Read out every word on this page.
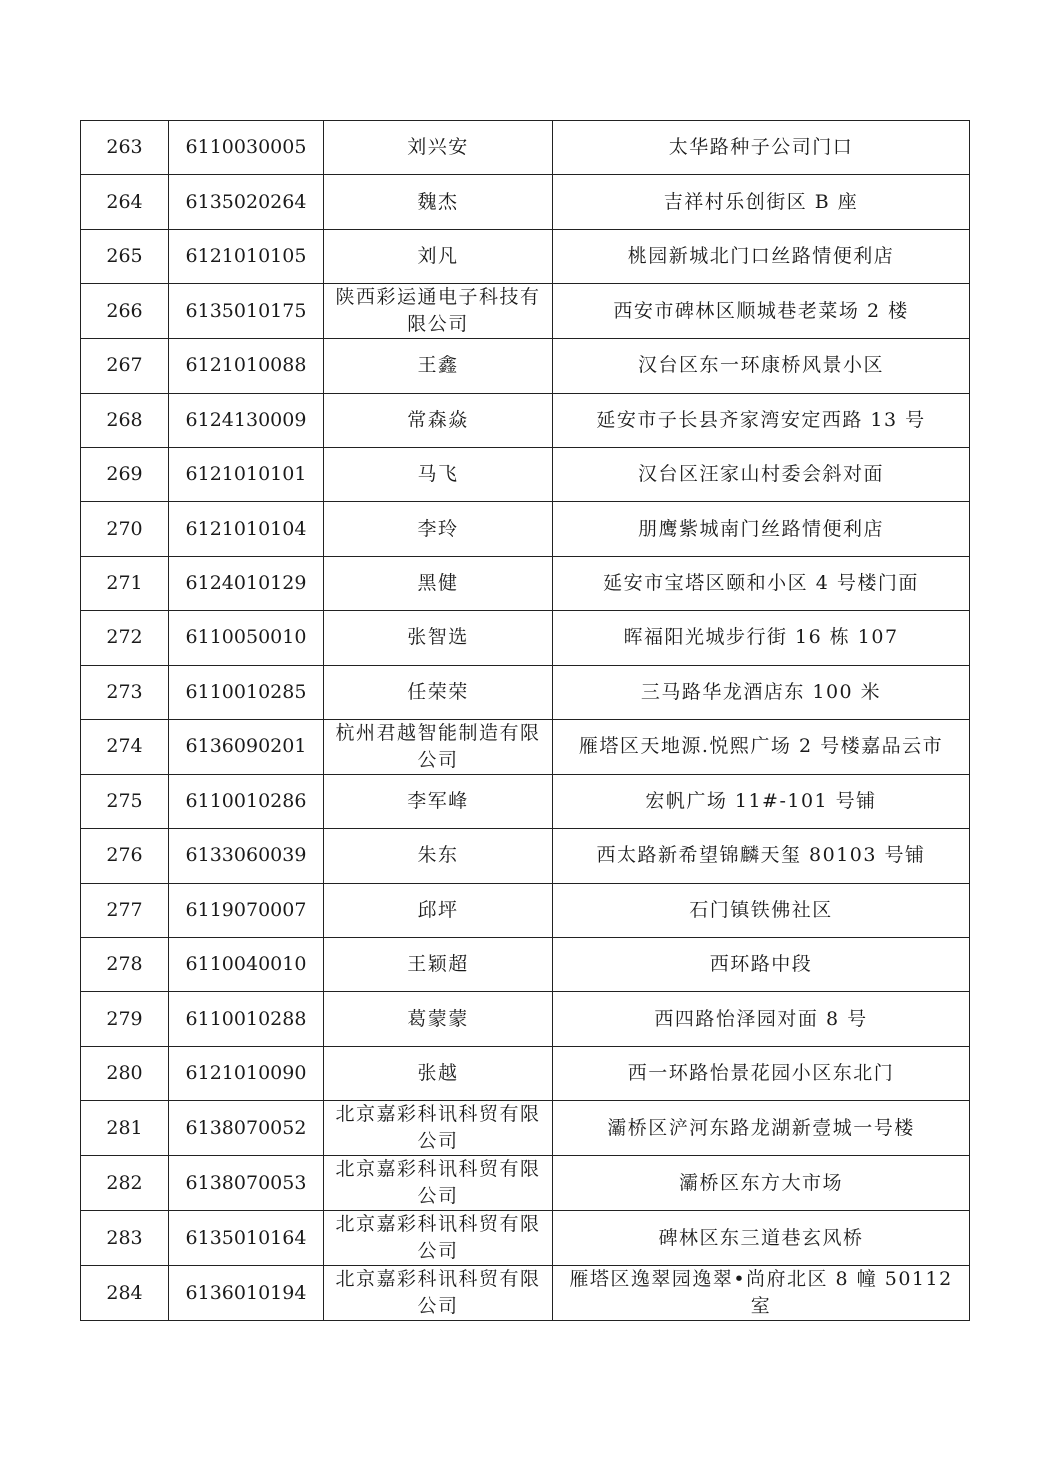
263	6110030005	刘兴安	太华路种子公司门口
264	6135020264	魏杰	吉祥村乐创街区 B 座
265	6121010105	刘凡	桃园新城北门口丝路情便利店
266	6135010175	陕西彩运通电子科技有限公司	西安市碑林区顺城巷老菜场 2 楼
267	6121010088	王鑫	汉台区东一环康桥风景小区
268	6124130009	常森焱	延安市子长县齐家湾安定西路 13 号
269	6121010101	马飞	汉台区汪家山村委会斜对面
270	6121010104	李玲	朋鹰紫城南门丝路情便利店
271	6124010129	黑健	延安市宝塔区颐和小区 4 号楼门面
272	6110050010	张智选	晖福阳光城步行街 16 栋 107
273	6110010285	任荣荣	三马路华龙酒店东 100 米
274	6136090201	杭州君越智能制造有限公司	雁塔区天地源.悦熙广场 2 号楼嘉品云市
275	6110010286	李军峰	宏帆广场 11#-101 号铺
276	6133060039	朱东	西太路新希望锦麟天玺 80103 号铺
277	6119070007	邱坪	石门镇铁佛社区
278	6110040010	王颖超	西环路中段
279	6110010288	葛蒙蒙	西四路怡泽园对面 8 号
280	6121010090	张越	西一环路怡景花园小区东北门
281	6138070052	北京嘉彩科讯科贸有限公司	灞桥区浐河东路龙湖新壹城一号楼
282	6138070053	北京嘉彩科讯科贸有限公司	灞桥区东方大市场
283	6135010164	北京嘉彩科讯科贸有限公司	碑林区东三道巷玄风桥
284	6136010194	北京嘉彩科讯科贸有限公司	雁塔区逸翠园逸翠•尚府北区 8 幢 50112 室
